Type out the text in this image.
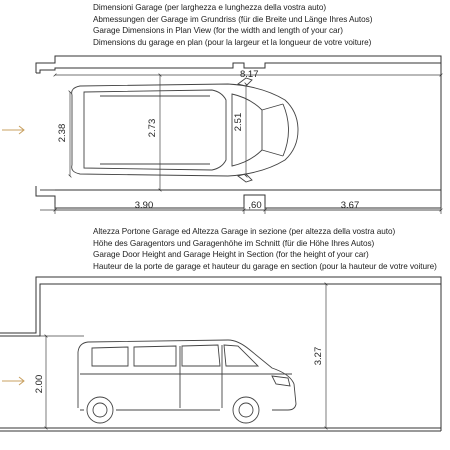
Dimensioni Garage (per larghezza e lunghezza della vostra auto)
Abmessungen der Garage im Grundriss (für die Breite und Länge Ihres Autos)
Garage Dimensions in Plan View (for the width and length of your car)
Dimensions du garage en plan (pour la largeur et la longueur de votre voiture)
Altezza Portone Garage ed Altezza Garage in sezione (per altezza della vostra auto)
Höhe des Garagentors und Garagenhöhe im Schnitt (für die Höhe Ihres Autos)
Garage Door Height and Garage Height in Section (for the height of your car)
Hauteur de la porte de garage et hauteur du garage en section (pour la hauteur de votre voiture)
8.17
2.38	2.73	2.51
3.90	,60	3.67
2.00
3.27
